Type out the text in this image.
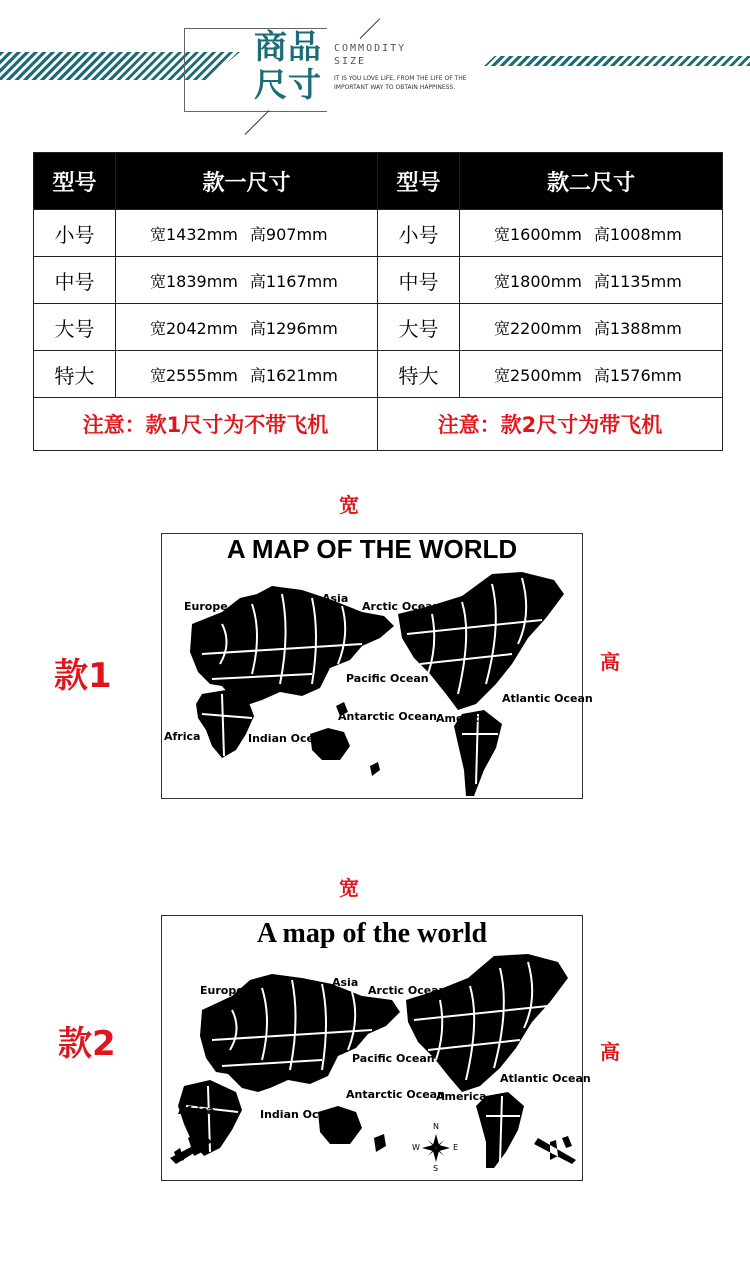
商品尺寸
COMMODITY
SIZE
IT IS YOU LOVE LIFE, FROM THE LIFE OF THE
IMPORTANT WAY TO OBTAIN HAPPINESS.
型号	款一尺寸	型号	款二尺寸
小号	宽1432mm 高907mm	小号	宽1600mm 高1008mm
中号	宽1839mm 高1167mm	中号	宽1800mm 高1135mm
大号	宽2042mm 高1296mm	大号	宽2200mm 高1388mm
特大	宽2555mm 高1621mm	特大	宽2500mm 高1576mm
注意：款1尺寸为不带飞机		注意：款2尺寸为带飞机	
宽
款1	高
A MAP OF THE WORLD
Europe
Asia
Arctic Ocean
Pacific Ocean
Antarctic Ocean America
Atlantic Ocean
Africa	Indian Ocean
宽
款2	高
A map of the world
Europe
Asia
Arctic Ocean
Pacific Ocean
Antarctic Ocean
America
Atlantic Ocean
Africa	Indian Ocean
N
S
E
W
